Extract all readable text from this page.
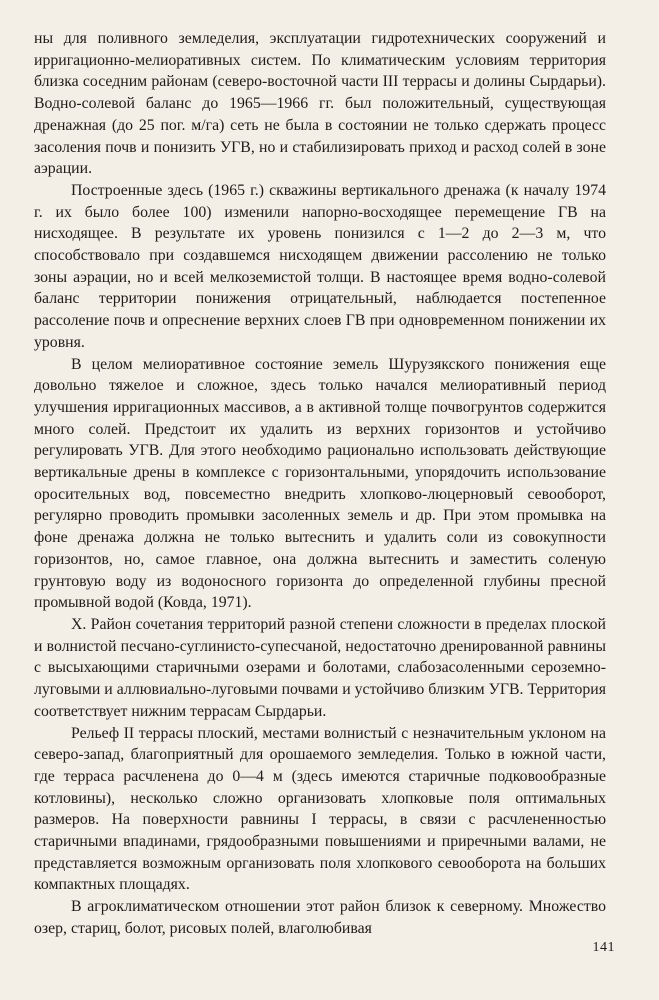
ны для поливного земледелия, эксплуатации гидротехнических сооружений и ирригационно-мелиоративных систем. По климатическим условиям территория близка соседним районам (северо-восточной части III террасы и долины Сырдарьи). Водно-солевой баланс до 1965—1966 гг. был положительный, существующая дренажная (до 25 пог. м/га) сеть не была в состоянии не только сдержать процесс засоления почв и понизить УГВ, но и стабилизировать приход и расход солей в зоне аэрации.

Построенные здесь (1965 г.) скважины вертикального дренажа (к началу 1974 г. их было более 100) изменили напорно-восходящее перемещение ГВ на нисходящее. В результате их уровень понизился с 1—2 до 2—3 м, что способствовало при создавшемся нисходящем движении рассолению не только зоны аэрации, но и всей мелкоземистой толщи. В настоящее время водно-солевой баланс территории понижения отрицательный, наблюдается постепенное рассоление почв и опреснение верхних слоев ГВ при одновременном понижении их уровня.

В целом мелиоративное состояние земель Шурузякского понижения еще довольно тяжелое и сложное, здесь только начался мелиоративный период улучшения ирригационных массивов, а в активной толще почвогрунтов содержится много солей. Предстоит их удалить из верхних горизонтов и устойчиво регулировать УГВ. Для этого необходимо рационально использовать действующие вертикальные дрены в комплексе с горизонтальными, упорядочить использование оросительных вод, повсеместно внедрить хлопково-люцерновый севооборот, регулярно проводить промывки засоленных земель и др. При этом промывка на фоне дренажа должна не только вытеснить и удалить соли из совокупности горизонтов, но, самое главное, она должна вытеснить и заместить соленую грунтовую воду из водоносного горизонта до определенной глубины пресной промывной водой (Ковда, 1971).

X. Район сочетания территорий разной степени сложности в пределах плоской и волнистой песчано-суглинисто-супесчаной, недостаточно дренированной равнины с высыхающими старичными озерами и болотами, слабозасоленными сероземно-луговыми и аллювиально-луговыми почвами и устойчиво близким УГВ. Территория соответствует нижним террасам Сырдарьи.

Рельеф II террасы плоский, местами волнистый с незначительным уклоном на северо-запад, благоприятный для орошаемого земледелия. Только в южной части, где терраса расчленена до 0—4 м (здесь имеются старичные подковообразные котловины), несколько сложно организовать хлопковые поля оптимальных размеров. На поверхности равнины I террасы, в связи с расчлененностью старичными впадинами, грядообразными повышениями и приречными валами, не представляется возможным организовать поля хлопкового севооборота на больших компактных площадях.

В агроклиматическом отношении этот район близок к северному. Множество озер, стариц, болот, рисовых полей, влаголюбивая

141
